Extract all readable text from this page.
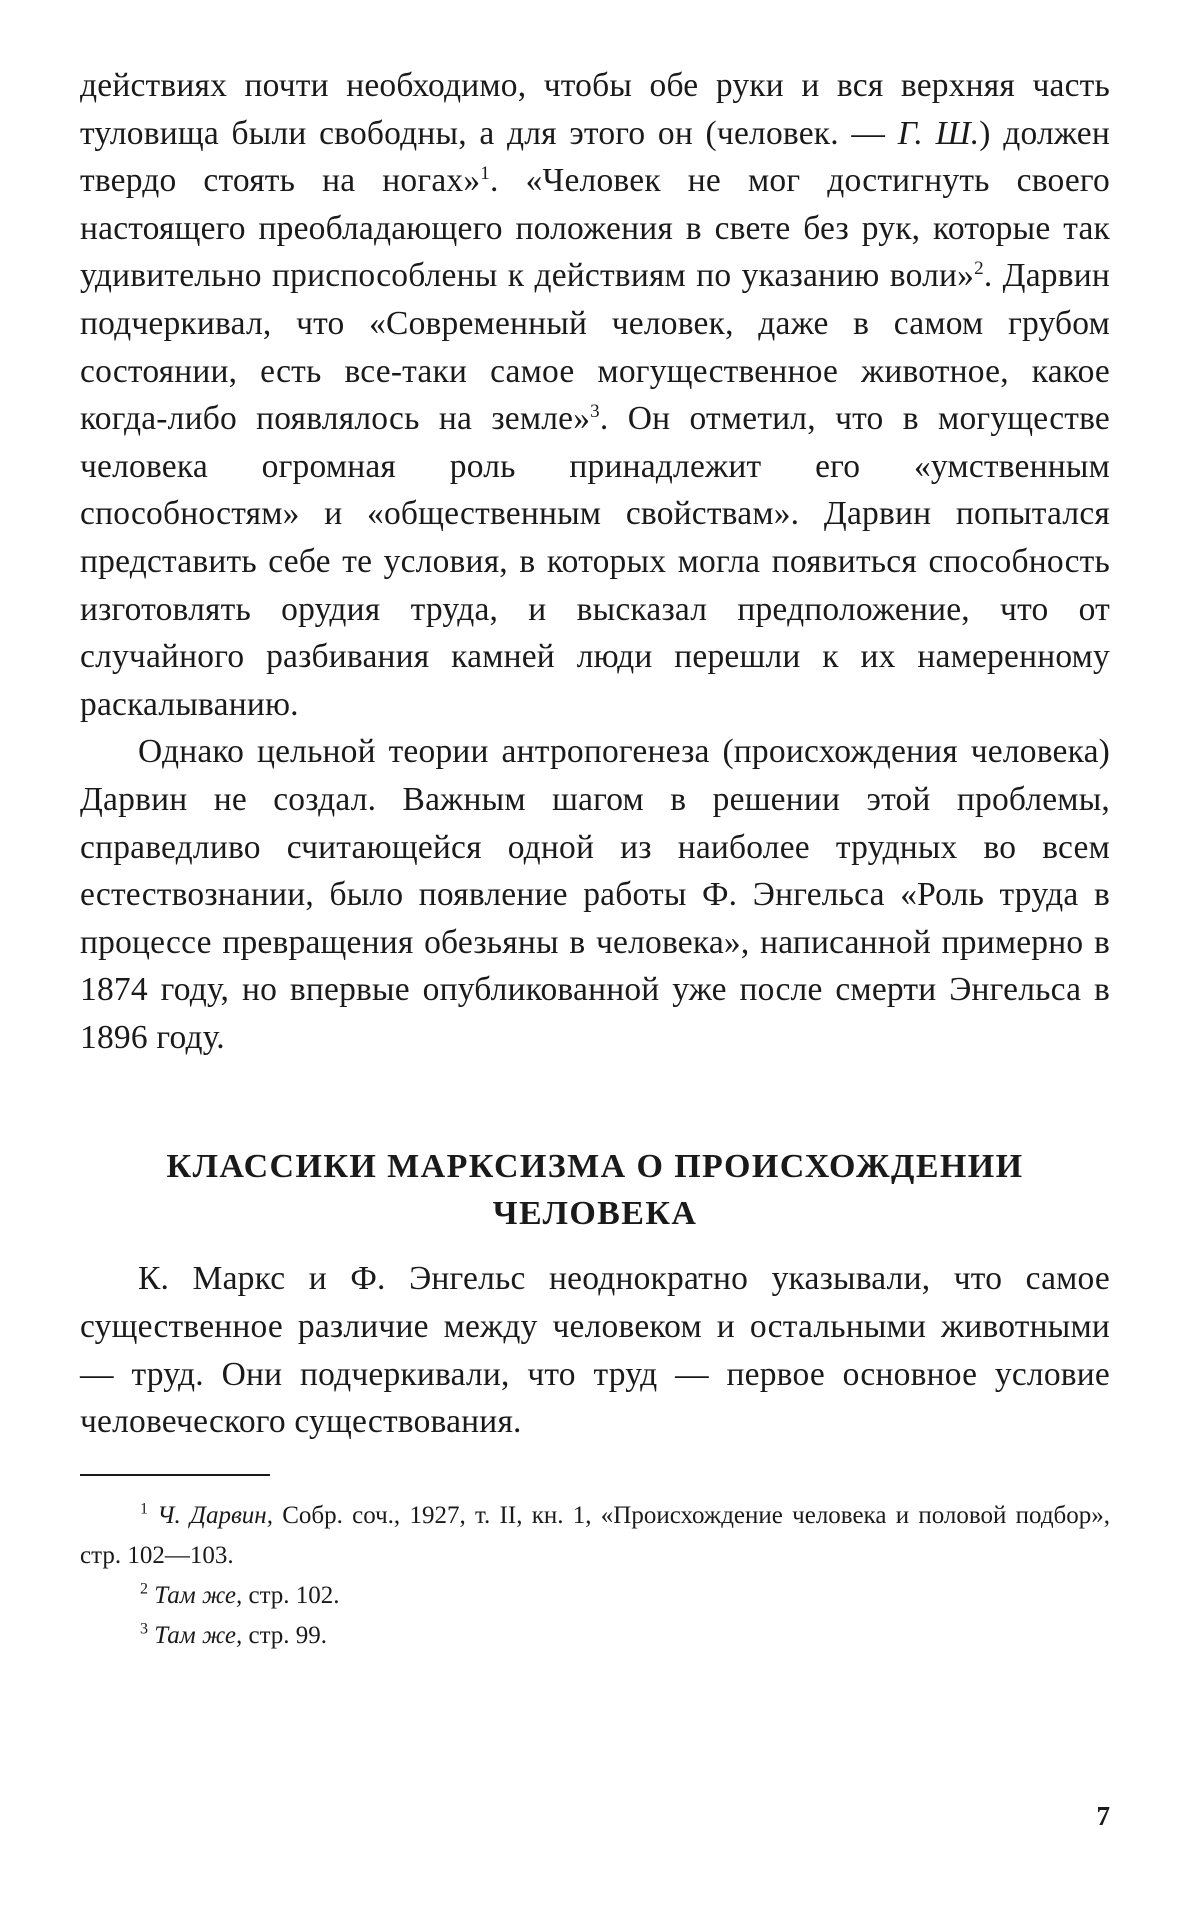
действиях почти необходимо, чтобы обе руки и вся верхняя часть туловища были свободны, а для этого он (человек. — Г. Ш.) должен твердо стоять на ногах»$^1$. «Человек не мог достигнуть своего настоящего преобладающего положения в свете без рук, которые так удивительно приспособлены к действиям по указанию воли»$^2$. Дарвин подчеркивал, что «Современный человек, даже в самом грубом состоянии, есть все-таки самое могущественное животное, какое когда-либо появлялось на земле»$^3$. Он отметил, что в могуществе человека огромная роль принадлежит его «умственным способностям» и «общественным свойствам». Дарвин попытался представить себе те условия, в которых могла появиться способность изготовлять орудия труда, и высказал предположение, что от случайного разбивания камней люди перешли к их намеренному раскалыванию.

Однако цельной теории антропогенеза (происхождения человека) Дарвин не создал. Важным шагом в решении этой проблемы, справедливо считающейся одной из наиболее трудных во всем естествознании, было появление работы Ф. Энгельса «Роль труда в процессе превращения обезьяны в человека», написанной примерно в 1874 году, но впервые опубликованной уже после смерти Энгельса в 1896 году.

КЛАССИКИ МАРКСИЗМА О ПРОИСХОЖДЕНИИ ЧЕЛОВЕКА

К. Маркс и Ф. Энгельс неоднократно указывали, что самое существенное различие между человеком и остальными животными — труд. Они подчеркивали, что труд — первое основное условие человеческого существования.

$^1$ Ч. Дарвин, Собр. соч., 1927, т. II, кн. 1, «Происхождение человека и половой подбор», стр. 102—103.

$^2$ Там же, стр. 102.

$^3$ Там же, стр. 99.

7
